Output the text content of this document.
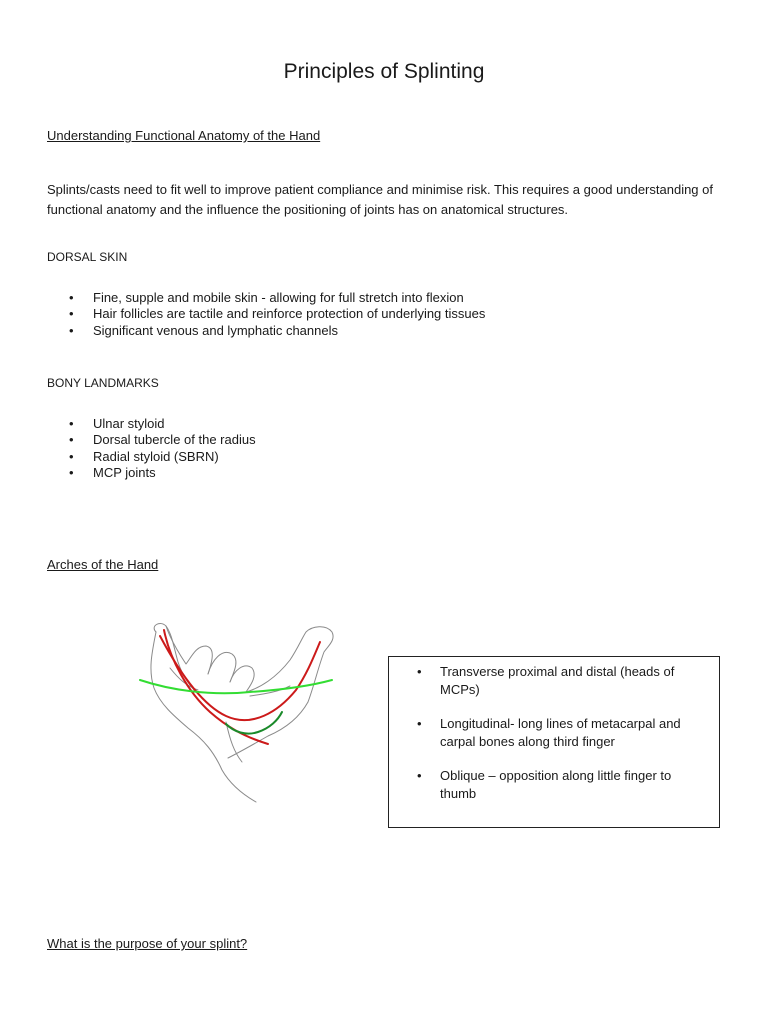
Principles of Splinting
Understanding Functional Anatomy of the Hand

Splints/casts need to fit well to improve patient compliance and minimise risk. This requires a good understanding of functional anatomy and the influence the positioning of joints has on anatomical structures.

DORSAL SKIN
• Fine, supple and mobile skin - allowing for full stretch into flexion
• Hair follicles are tactile and reinforce protection of underlying tissues
• Significant venous and lymphatic channels
BONY LANDMARKS
• Ulnar styloid
• Dorsal tubercle of the radius
• Radial styloid (SBRN)
• MCP joints
Arches of the Hand
• Transverse proximal and distal (heads of MCPs)
• Longitudinal- long lines of metacarpal and carpal bones along third finger
• Oblique – opposition along little finger to thumb
What is the purpose of your splint?
